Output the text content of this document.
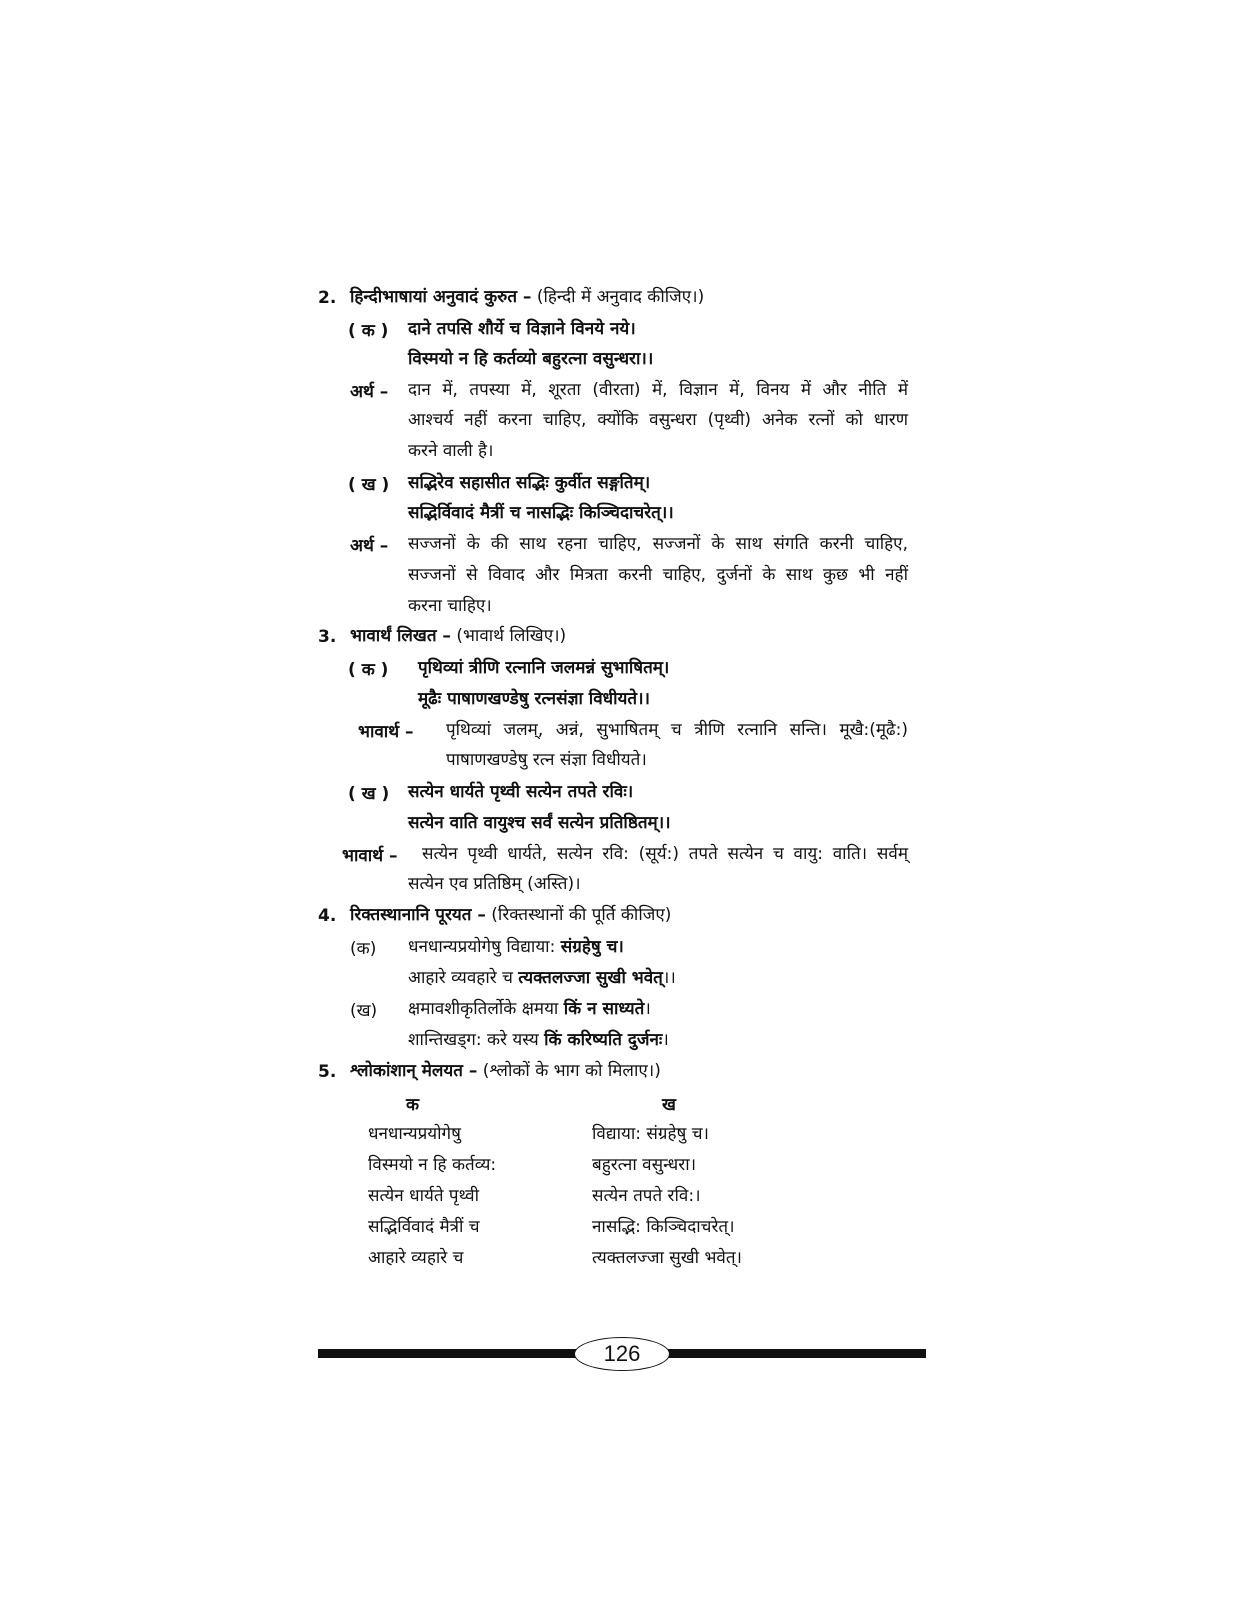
2. हिन्दीभाषायां अनुवादं कुरुत – (हिन्दी में अनुवाद कीजिए।)
( क ) दाने तपसि शौर्ये च विज्ञाने विनये नये।
विस्मयो न हि कर्तव्यो बहुरत्ना वसुन्धरा।।
अर्थ – दान में, तपस्या में, शूरता (वीरता) में, विज्ञान में, विनय में और नीति में
आश्चर्य नहीं करना चाहिए, क्योंकि वसुन्धरा (पृथ्वी) अनेक रत्नों को धारण
करने वाली है।
( ख ) सद्भिरेव सहासीत सद्भिः कुर्वीत सङ्गतिम्।
सद्भिर्विवादं मैत्रीं च नासद्भिः किञ्चिदाचरेत्।।
अर्थ – सज्जनों के की साथ रहना चाहिए, सज्जनों के साथ संगति करनी चाहिए,
सज्जनों से विवाद और मित्रता करनी चाहिए, दुर्जनों के साथ कुछ भी नहीं
करना चाहिए।
3. भावार्थं लिखत – (भावार्थ लिखिए।)
( क ) पृथिव्यां त्रीणि रत्नानि जलमन्नं सुभाषितम्।
मूढैः पाषाणखण्डेषु रत्नसंज्ञा विधीयते।।
भावार्थ – पृथिव्यां जलम्, अन्नं, सुभाषितम् च त्रीणि रत्नानि सन्ति। मूखै:(मूढै:)
पाषाणखण्डेषु रत्न संज्ञा विधीयते।
( ख ) सत्येन धार्यते पृथ्वी सत्येन तपते रविः।
सत्येन वाति वायुश्च सर्वं सत्येन प्रतिष्ठितम्।।
भावार्थ – सत्येन पृथ्वी धार्यते, सत्येन रवि: (सूर्य:) तपते सत्येन च वायु: वाति। सर्वम्
सत्येन एव प्रतिष्ठिम् (अस्ति)।
4. रिक्तस्थानानि पूरयत – (रिक्तस्थानों की पूर्ति कीजिए)
(क) धनधान्यप्रयोगेषु विद्याया: संग्रहेषु च।
आहारे व्यवहारे च त्यक्तलज्जा सुखी भवेत्।।
(ख) क्षमावशीकृतिर्लोके क्षमया किं न साध्यते।
शान्तिखड्ग: करे यस्य किं करिष्यति दुर्जनः।
5. श्लोकांशान् मेलयत – (श्लोकों के भाग को मिलाए।)
क	ख
धनधान्यप्रयोगेषु	विद्याया: संग्रहेषु च।
विस्मयो न हि कर्तव्य:	बहुरत्ना वसुन्धरा।
सत्येन धार्यते पृथ्वी	सत्येन तपते रवि:।
सद्भिर्विवादं मैत्रीं च	नासद्भि: किञ्चिदाचरेत्।
आहारे व्यहारे च	त्यक्तलज्जा सुखी भवेत्।
126
